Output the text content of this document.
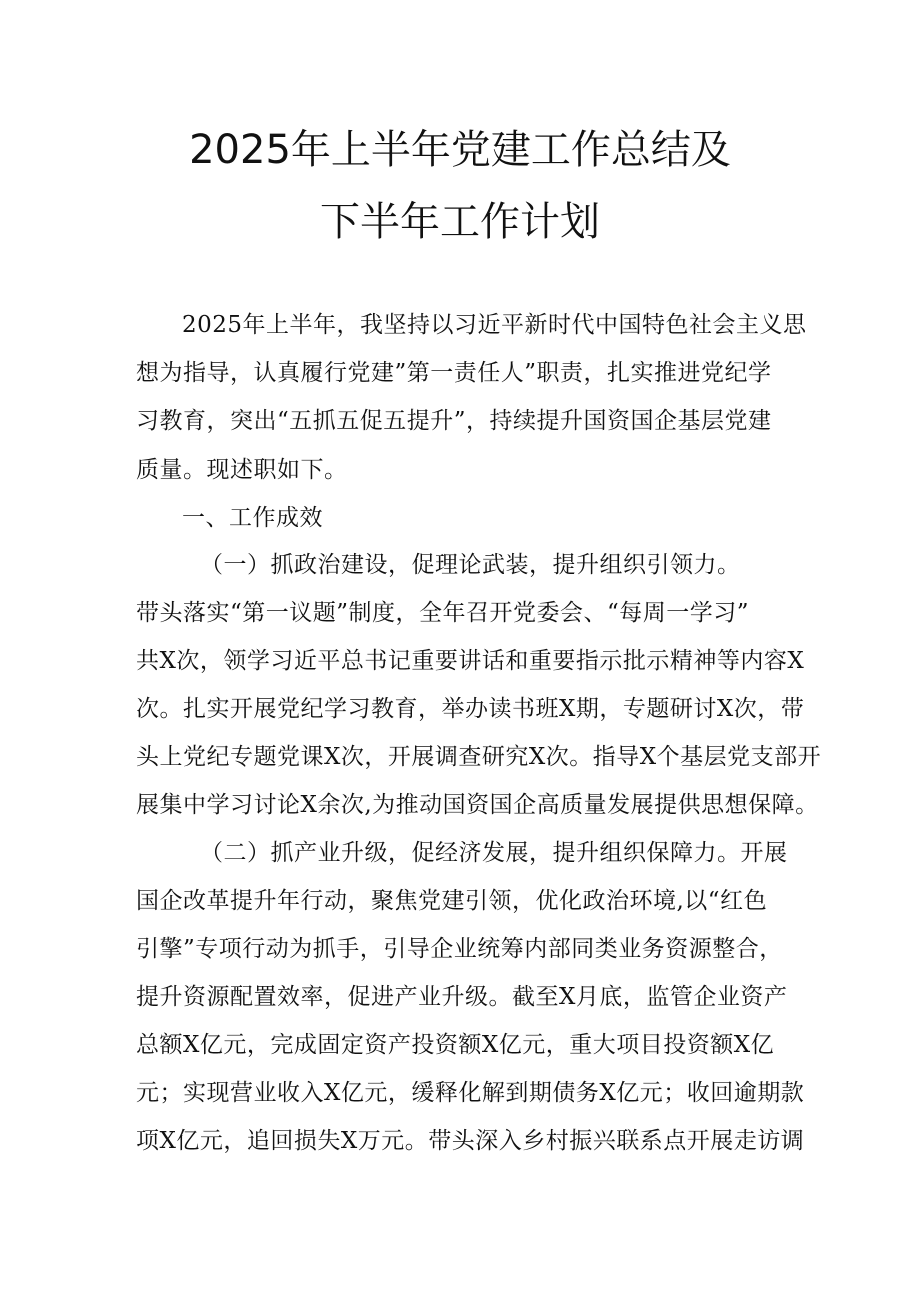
2025年上半年党建工作总结及
下半年工作计划
2025年上半年，我坚持以习近平新时代中国特色社会主义思
想为指导，认真履行党建”第一责任人”职责，扎实推进党纪学
习教育，突出“五抓五促五提升”，持续提升国资国企基层党建
质量。现述职如下。
一、工作成效
（一）抓政治建设，促理论武装，提升组织引领力。
带头落实“第一议题”制度，全年召开党委会、“每周一学习”
共X次，领学习近平总书记重要讲话和重要指示批示精神等内容X
次。扎实开展党纪学习教育，举办读书班X期，专题研讨X次，带
头上党纪专题党课X次，开展调查研究X次。指导X个基层党支部开
展集中学习讨论X余次,为推动国资国企高质量发展提供思想保障。
（二）抓产业升级，促经济发展，提升组织保障力。开展
国企改革提升年行动，聚焦党建引领，优化政治环境,以“红色
引擎”专项行动为抓手，引导企业统筹内部同类业务资源整合，
提升资源配置效率，促进产业升级。截至X月底，监管企业资产
总额X亿元，完成固定资产投资额X亿元，重大项目投资额X亿
元；实现营业收入X亿元，缓释化解到期债务X亿元；收回逾期款
项X亿元，追回损失X万元。带头深入乡村振兴联系点开展走访调
